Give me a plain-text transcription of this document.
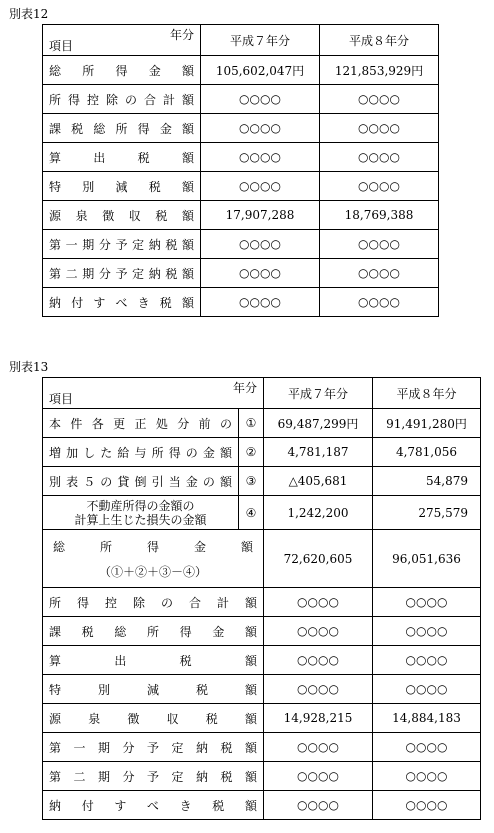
別表12
年分
項目	平成７年分	平成８年分
総所得金額	105,602,047円	121,853,929円
所得控除の合計額	○○○○	○○○○
課税総所得金額	○○○○	○○○○
算出税額	○○○○	○○○○
特別減税額	○○○○	○○○○
源泉徴収税額	17,907,288	18,769,388
第一期分予定納税額	○○○○	○○○○
第二期分予定納税額	○○○○	○○○○
納付すべき税額	○○○○	○○○○
別表13
年分
項目		平成７年分	平成８年分
本件各更正処分前の	①	69,487,299円	91,491,280円
増加した給与所得の金額	②	4,781,187	4,781,056
別表５の貸倒引当金の額	③	△405,681	54,879

不動産所得の金額の
計算上生じた損失の金額	④	1,242,200	275,579

総所得金額
（①＋②＋③－④）		72,620,605	96,051,636
所得控除の合計額		○○○○	○○○○
課税総所得金額		○○○○	○○○○
算出税額		○○○○	○○○○
特別減税額		○○○○	○○○○
源泉徴収税額		14,928,215	14,884,183
第一期分予定納税額		○○○○	○○○○
第二期分予定納税額		○○○○	○○○○
納付すべき税額		○○○○	○○○○
